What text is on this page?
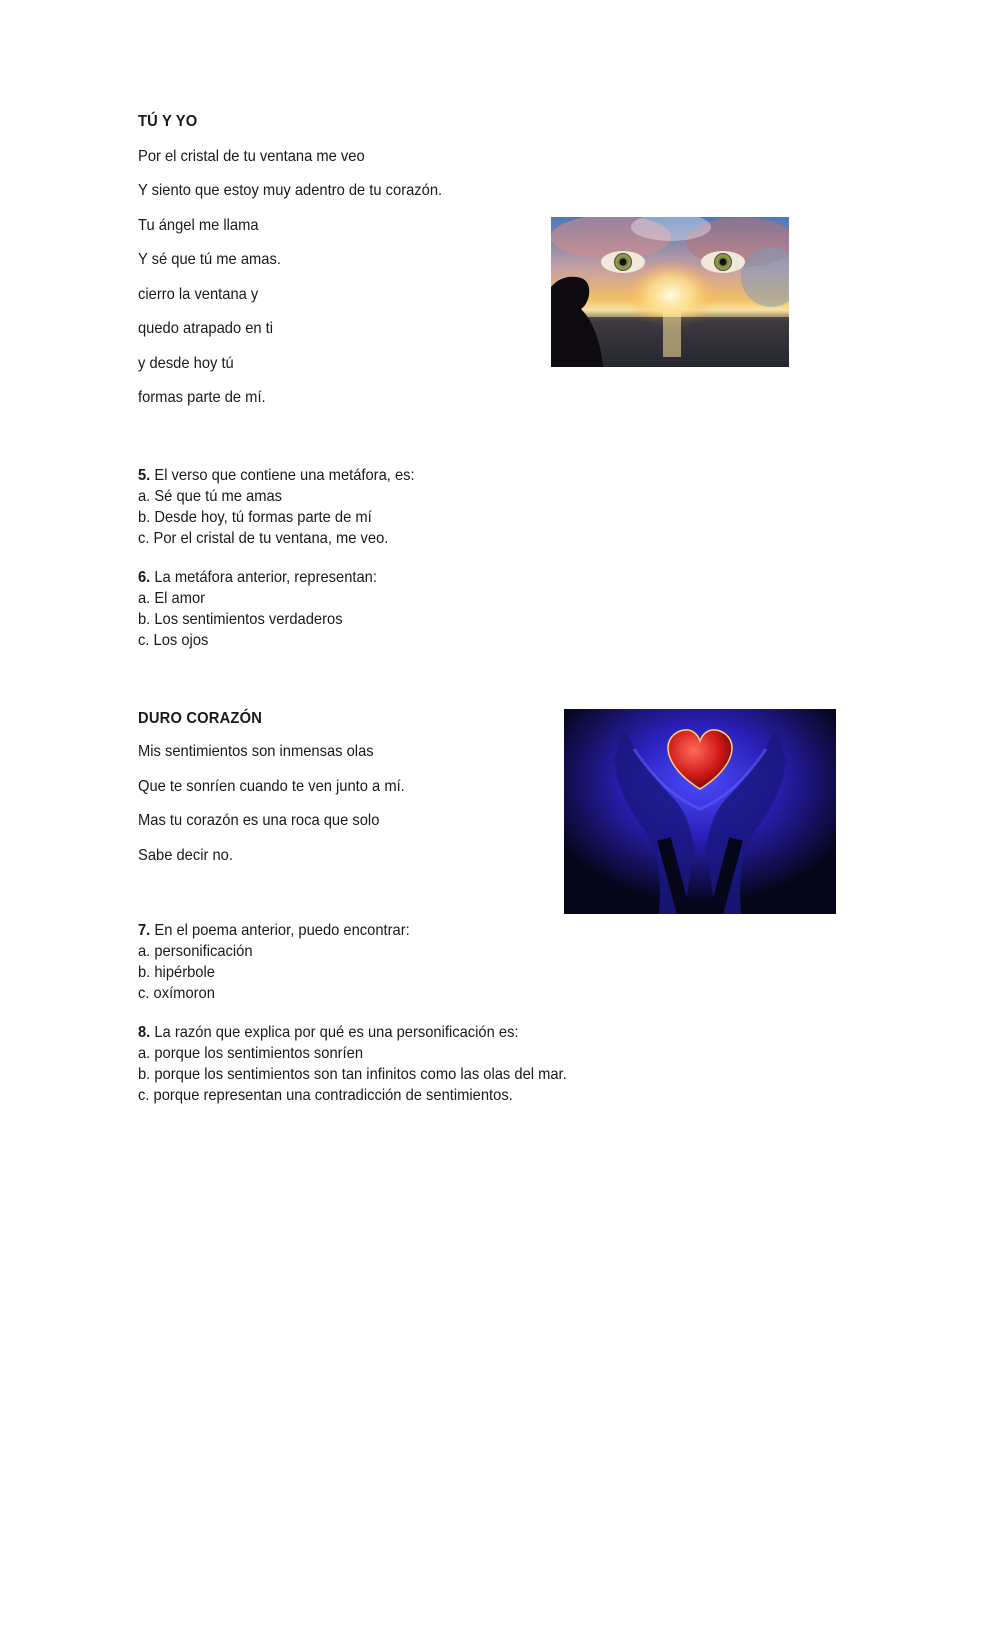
TÚ Y YO
Por el cristal de tu ventana me veo
Y siento que estoy muy adentro de tu corazón.
Tu ángel me llama
Y sé que tú me amas.
cierro la ventana y
quedo atrapado en ti
y desde hoy tú
formas parte de mí.
5. El verso que contiene una metáfora, es:
a. Sé que tú me amas
b. Desde hoy, tú formas parte de mí
c. Por el cristal de tu ventana, me veo.
6. La metáfora anterior, representan:
a. El amor
b. Los sentimientos verdaderos
c. Los ojos
DURO CORAZÓN
Mis sentimientos son inmensas olas
Que te sonríen cuando te ven junto a mí.
Mas tu corazón es una roca que solo
Sabe decir no.
7. En el poema anterior, puedo encontrar:
a. personificación
b. hipérbole
c. oxímoron
8. La razón que explica por qué es una personificación es:
a. porque los sentimientos sonríen
b. porque los sentimientos son tan infinitos como las olas del mar.
c. porque representan una contradicción de sentimientos.
